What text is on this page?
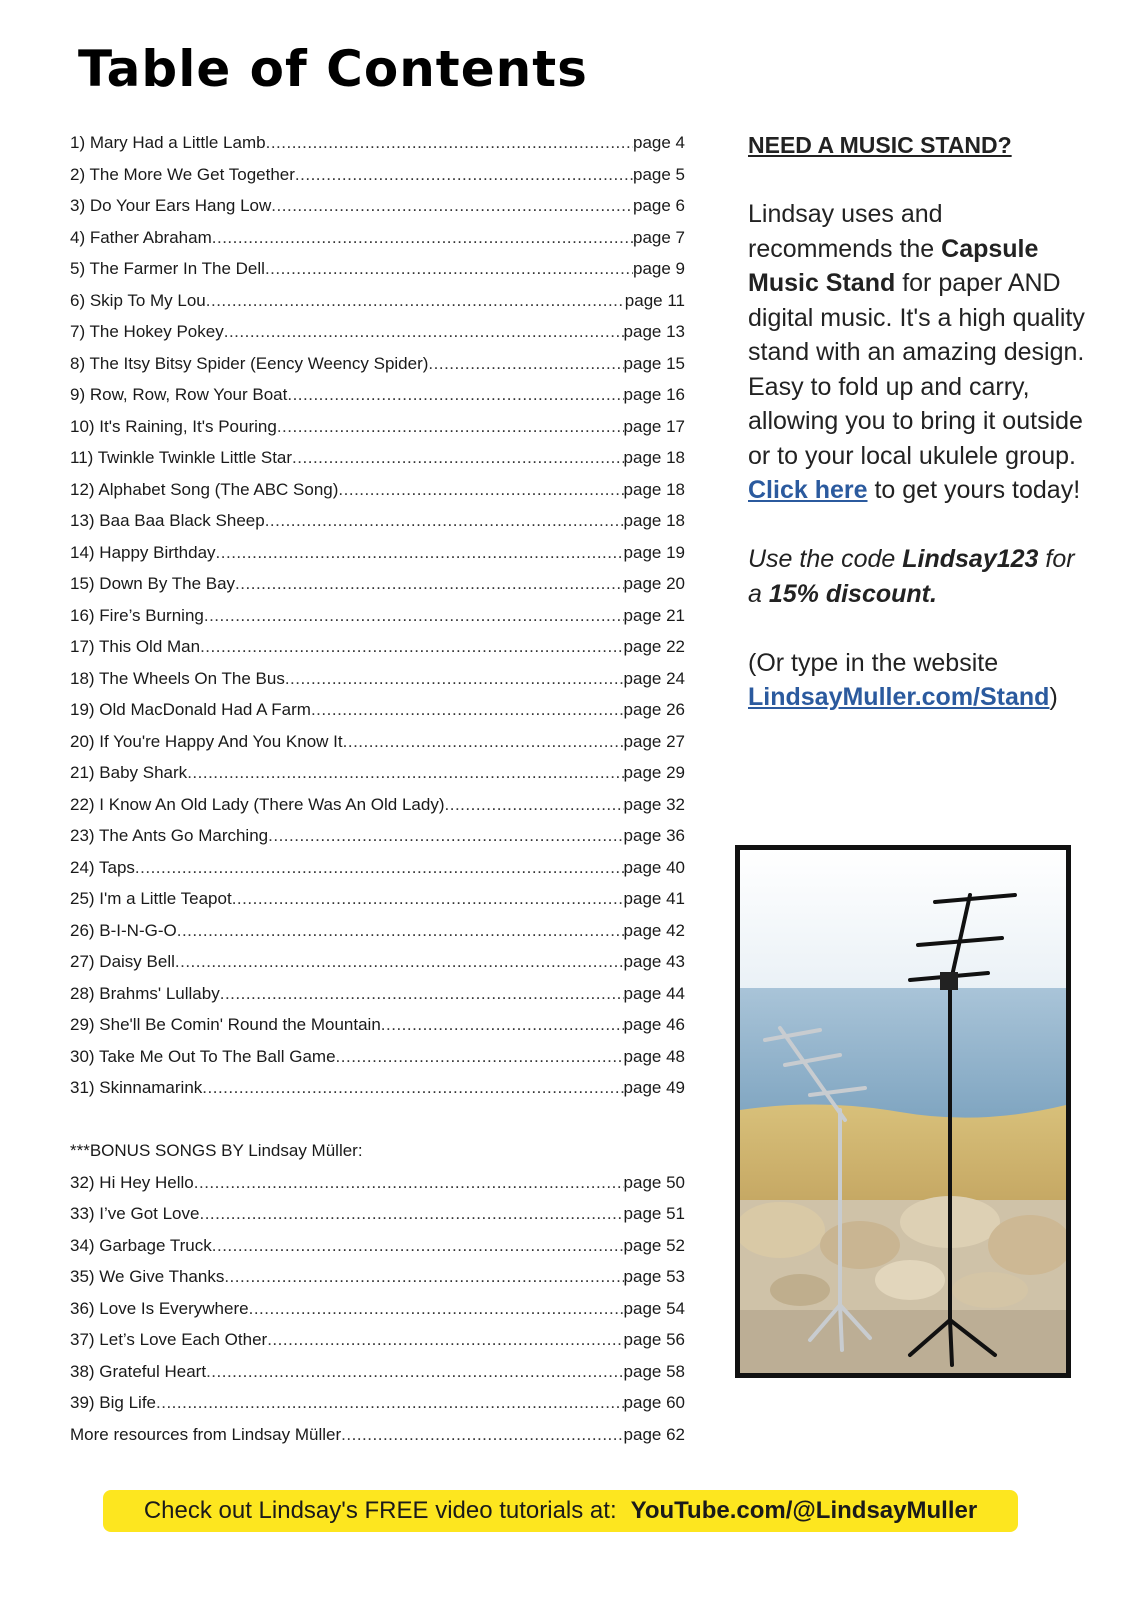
Table of Contents
1) Mary Had a Little Lamb .....	page 4
2) The More We Get Together .....	page 5
3) Do Your Ears Hang Low .....	page 6
4) Father Abraham .....	page 7
5) The Farmer In The Dell .....	page 9
6) Skip To My Lou .....	page 11
7) The Hokey Pokey .....	page 13
8) The Itsy Bitsy Spider (Eency Weency Spider) .....	page 15
9) Row, Row, Row Your Boat .....	page 16
10) It's Raining, It's Pouring .....	page 17
11) Twinkle Twinkle Little Star .....	page 18
12) Alphabet Song (The ABC Song) .....	page 18
13) Baa Baa Black Sheep .....	page 18
14) Happy Birthday .....	page 19
15) Down By The Bay .....	page 20
16) Fire’s Burning .....	page 21
17) This Old Man .....	page 22
18) The Wheels On The Bus .....	page 24
19) Old MacDonald Had A Farm .....	page 26
20) If You're Happy And You Know It .....	page 27
21) Baby Shark .....	page 29
22) I Know An Old Lady (There Was An Old Lady) .....	page 32
23) The Ants Go Marching .....	page 36
24) Taps .....	page 40
25) I'm a Little Teapot .....	page 41
26) B-I-N-G-O .....	page 42
27) Daisy Bell .....	page 43
28) Brahms' Lullaby .....	page 44
29) She'll Be Comin' Round the Mountain .....	page 46
30) Take Me Out To The Ball Game .....	page 48
31) Skinnamarink .....	page 49
***BONUS SONGS BY Lindsay Müller:
32) Hi Hey Hello .....	page 50
33) I’ve Got Love .....	page 51
34) Garbage Truck .....	page 52
35) We Give Thanks .....	page 53
36) Love Is Everywhere .....	page 54
37) Let’s Love Each Other .....	page 56
38) Grateful Heart .....	page 58
39) Big Life .....	page 60
More resources from Lindsay Müller .....	page 62

NEED A MUSIC STAND?

Lindsay uses and recommends the Capsule Music Stand for paper AND digital music. It's a high quality stand with an amazing design. Easy to fold up and carry, allowing you to bring it outside or to your local ukulele group. Click here to get yours today!

Use the code Lindsay123 for a 15% discount.

(Or type in the website LindsayMuller.com/Stand)

Check out Lindsay's FREE video tutorials at: YouTube.com/@LindsayMuller
